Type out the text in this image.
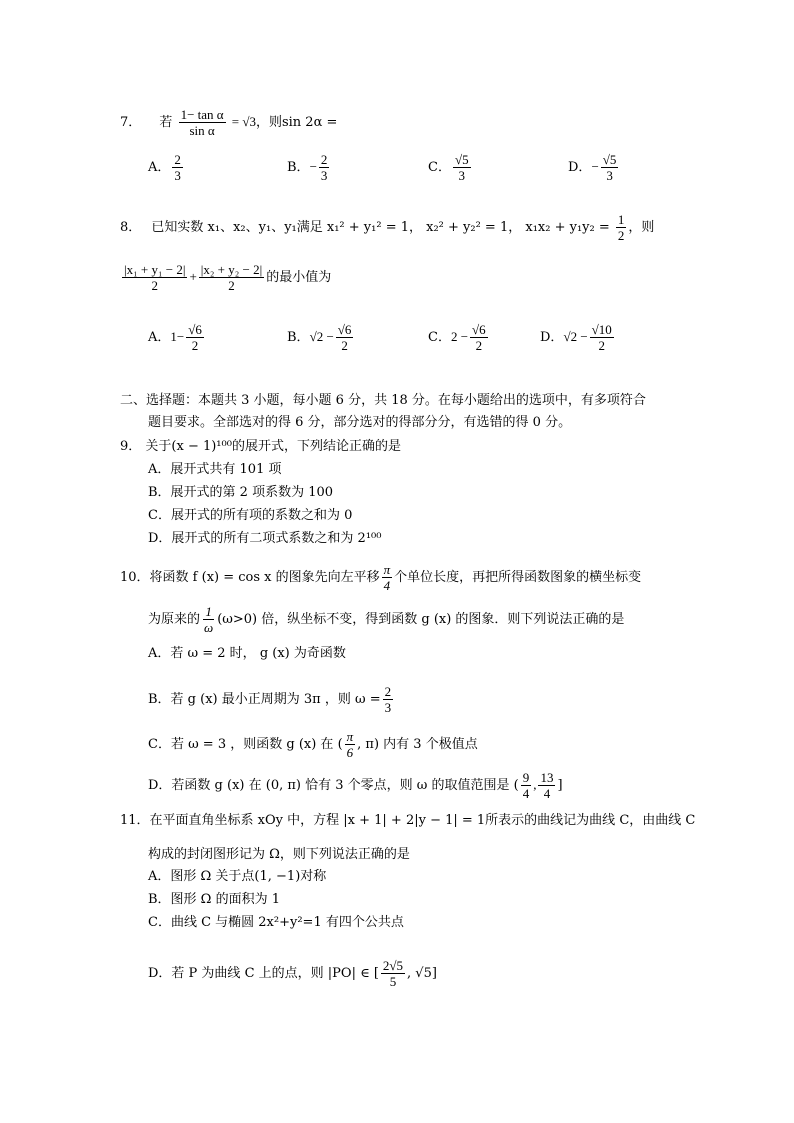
7． 若 $\frac{\text{1− tan α}}{\text{sin α}} = √3$，则sin 2α =
A． $\frac{2}{3}$	B．− $\frac{2}{3}$	C． $\frac{√5}{3}$	D．− $\frac{√5}{3}$
8． 已知实数 x₁、x₂、y₁、y₁满足 x₁² + y₁² = 1， x₂² + y₂² = 1， $x_1x_2 + y_1y_2 = \frac{1}{2}$ ，则
$\frac{\text{|x₁ + y₁ − 2|}}{2} + \frac{\text{|x₂ + y₂ − 2|}}{2}$ 的最小值为
A．$1- \frac{√6}{2}$	B．$√2 - \frac{√6}{2}$	C．$2 - \frac{√6}{2}$	D．$√2 - \frac{√10}{2}$
二、选择题：本题共 3 小题，每小题 6 分，共 18 分。在每小题给出的选项中，有多项符合
题目要求。全部选对的得 6 分，部分选对的得部分分，有选错的得 0 分。
9． 关于(x − 1)¹⁰⁰的展开式，下列结论正确的是
A．展开式共有 101 项
B．展开式的第 2 项系数为 100
C．展开式的所有项的系数之和为 0
D．展开式的所有二项式系数之和为 2¹⁰⁰
10．将函数 f (x) = cos x 的图象先向左平移 $\frac{\pi}{4}$ 个单位长度，再把所得函数图象的横坐标变
为原来的 $\frac{1}{\omega} (\omega>0)$ 倍，纵坐标不变，得到函数 g (x) 的图象．则下列说法正确的是
A．若 ω = 2 时， g (x) 为奇函数
B．若 g (x) 最小正周期为 3π ，则 $\omega = \frac{2}{3}$
C．若 ω = 3 ，则函数 g (x) 在 ( $\frac{\pi}{6}$ , π) 内有 3 个极值点
D．若函数 g (x) 在 (0, π) 恰有 3 个零点，则 ω 的取值范围是 ( $\frac{9}{4}$ , $\frac{13}{4}$ ]
11．在平面直角坐标系 xOy 中，方程 |x + 1| + 2|y − 1| = 1所表示的曲线记为曲线 C，由曲线 C
构成的封闭图形记为 Ω，则下列说法正确的是
A．图形 Ω 关于点(1, −1)对称
B．图形 Ω 的面积为 1
C．曲线 C 与椭圆 2x²+y²=1 有四个公共点
D．若 P 为曲线 C 上的点，则 |PO| ∈ [ $\frac{2√5}{5}$ , √5]
